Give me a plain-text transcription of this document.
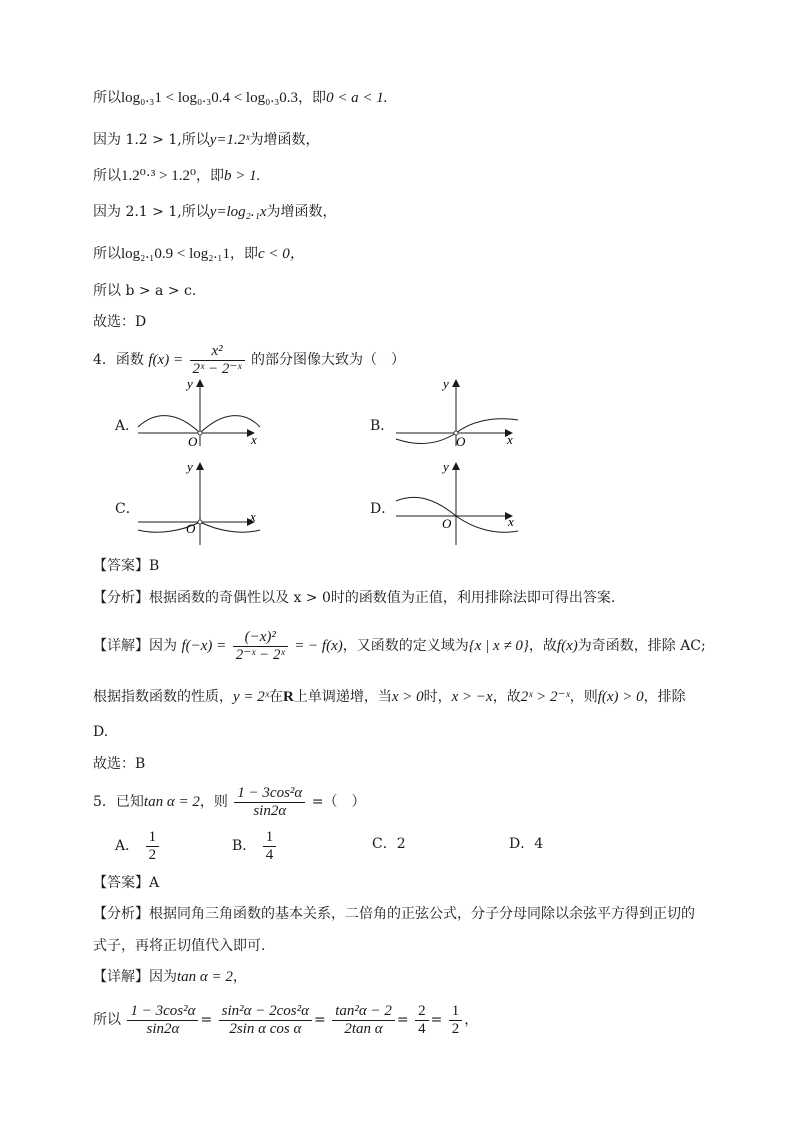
所以log₀.₃1 < log₀.₃0.4 < log₀.₃0.3，即0 < a < 1.
因为 1.2 > 1,所以y=1.2ˣ为增函数，
所以1.2⁰·³ > 1.2⁰，即b > 1.
因为 2.1 > 1,所以y=log₂.₁x为增函数，
所以log₂.₁0.9 < log₂.₁1，即c < 0，
所以 b > a > c.
故选：D
4．函数 $f(x) = \frac{\text{x²}}{\text{2ˣ − 2⁻ˣ}}$ 的部分图像大致为（　）
A．	B．
C．	D．
O	x
y
O	x
y
O
x
y
O	x
y
【答案】B
【分析】根据函数的奇偶性以及 x > 0时的函数值为正值，利用排除法即可得出答案.
【详解】因为 $f(-x) = \frac{\text{(−x)²}}{\text{2⁻ˣ − 2ˣ}}$ = − f(x)，又函数的定义域为{x | x ≠ 0}，故f(x)为奇函数，排除 AC;
根据指数函数的性质，y = 2ˣ在R上单调递增，当x > 0时，x > −x，故2ˣ > 2⁻ˣ，则f(x) > 0，排除
D.
故选：B
5．已知tan α = 2，则 $\frac{\text{1 − 3cos²α}}{\sin 2\alpha}$ =（　）
A． $\frac{1}{2}$	B． $\frac{1}{4}$	C．2	D．4
【答案】A
【分析】根据同角三角函数的基本关系，二倍角的正弦公式，分子分母同除以余弦平方得到正切的
式子，再将正切值代入即可.
【详解】因为tan α = 2，
所以 $\frac{\text{1 − 3cos²α}}{\sin 2\alpha} = \frac{\text{sin²α − 2cos²α}}{\text{2sin α cos α}} = \frac{\text{tan²α − 2}}{\text{2tan α}} = \frac{2}{4} = \frac{1}{2}$ ，
